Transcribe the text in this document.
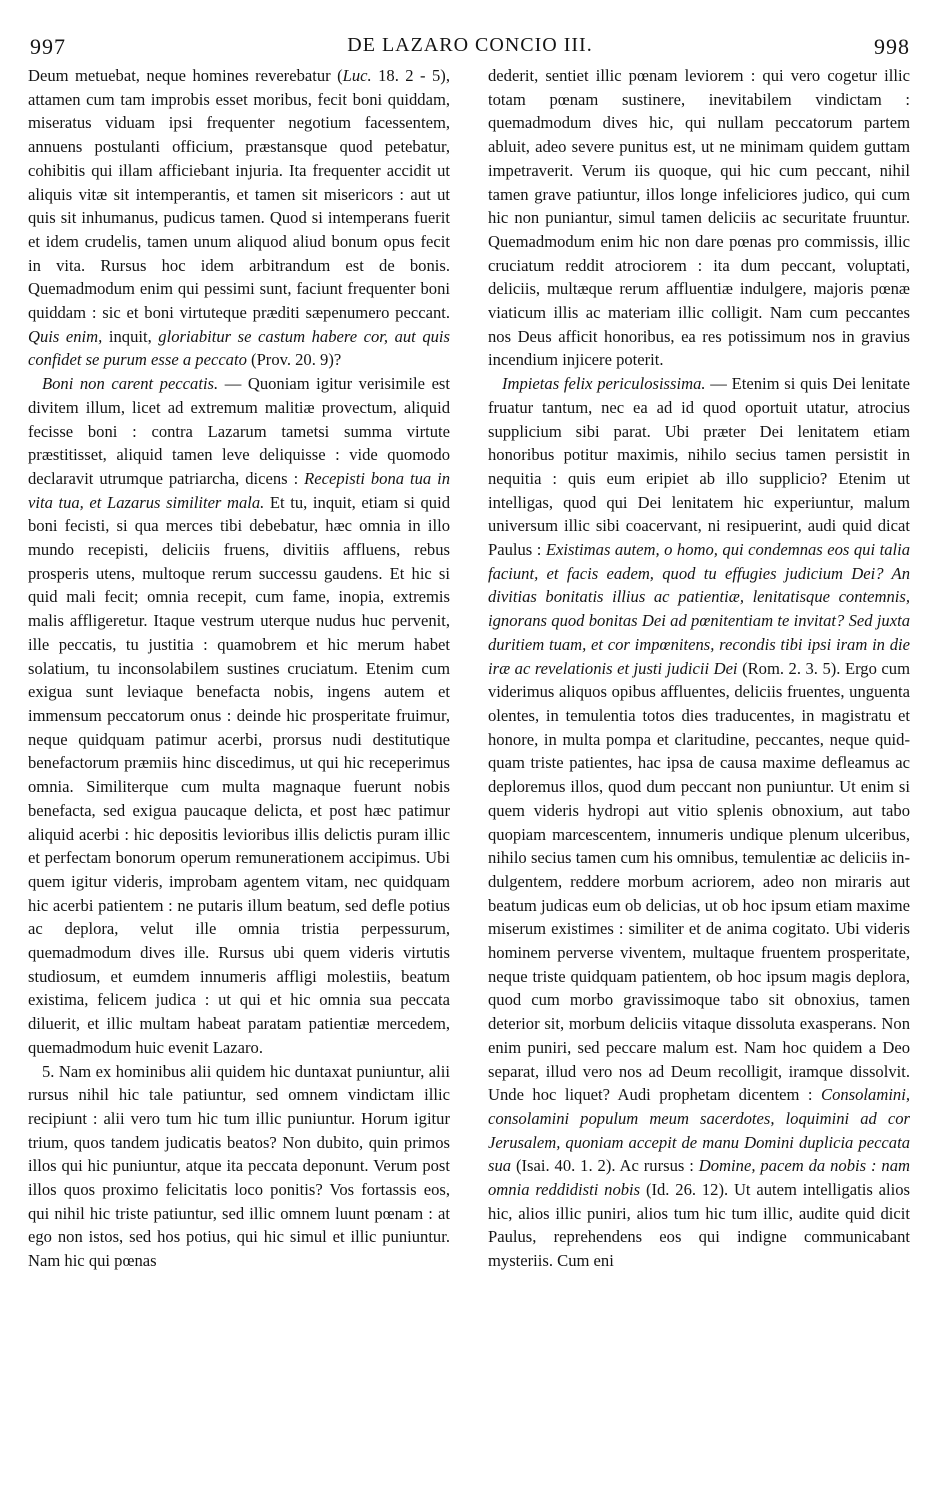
997	DE LAZARO CONCIO III.	998

Deum metuebat, neque homines reverebatur (Luc. 18. 2 - 5), attamen cum tam improbis esset moribus, fecit boni quiddam, miseratus viduam ipsi frequenter negotium facessentem, annuens postulanti officium, præstansque quod petebatur, cohibitis qui illam afficiebant injuria. Ita frequenter accidit ut aliquis vitæ sit intemperantis, et tamen sit misericors : aut ut quis sit inhumanus, pudicus tamen. Quod si intemperans fuerit et idem crudelis, tamen unum aliquod aliud bonum opus fecit in vita. Rursus hoc idem arbitrandum est de bonis. Quemadmodum enim qui pessimi sunt, faciunt frequenter boni quiddam : sic et boni virtuteque præditi sæpenumero peccant. Quis enim, inquit, gloriabitur se castum habere cor, aut quis confidet se purum esse a peccato (Prov. 20. 9)?

Boni non carent peccatis. — Quoniam igitur verisimile est divitem illum, licet ad extremum malitiæ provectum, aliquid fecisse boni : contra Lazarum tametsi summa virtute præstitisset, aliquid tamen leve deliquisse : vide quomodo declaravit utrumque patriarcha, dicens : Recepisti bona tua in vita tua, et Lazarus similiter mala. Et tu, inquit, etiam si quid boni fecisti, si qua merces tibi debebatur, hæc omnia in illo mundo recepisti, deliciis fruens, divitiis affluens, rebus prosperis utens, multoque rerum successu gaudens. Et hic si quid mali fecit; omnia recepit, cum fame, inopia, extremis malis affligeretur. Itaque vestrum uterque nudus huc pervenit, ille peccatis, tu justitia : quamobrem et hic merum habet solatium, tu inconsolabilem sustines cruciatum. Etenim cum exigua sunt leviaque benefacta nobis, ingens autem et immensum peccatorum onus : deinde hic prosperitate fruimur, neque quidquam patimur acerbi, prorsus nudi destitutique benefactorum præmiis hinc discedimus, ut qui hic receperimus omnia. Similiterque cum multa magnaque fuerunt nobis benefacta, sed exigua paucaque delicta, et post hæc patimur aliquid acerbi : hic depositis levioribus illis delictis puram illic et perfectam bonorum operum remunerationem accipimus. Ubi quem igitur videris, improbam agentem vitam, nec quidquam hic acerbi patientem : ne putaris illum beatum, sed defle potius ac deplora, velut ille omnia tristia perpessurum, quemadmodum dives ille. Rursus ubi quem videris virtutis studiosum, et eumdem innumeris affligi molestiis, beatum existima, felicem judica : ut qui et hic omnia sua peccata diluerit, et illic multam habeat paratam patientiæ mercedem, quemadmodum huic evenit Lazaro.

5. Nam ex hominibus alii quidem hic duntaxat puniuntur, alii rursus nihil hic tale patiuntur, sed omnem vindictam illic recipiunt : alii vero tum hic tum illic puniuntur. Horum igitur trium, quos tandem judicatis beatos? Non dubito, quin primos illos qui hic puniuntur, atque ita peccata deponunt. Verum post illos quos proximo felicitatis loco ponitis? Vos fortassis eos, qui nihil hic triste patiuntur, sed illic omnem luunt pœnam : at ego non istos, sed hos potius, qui hic simul et illic puniuntur. Nam hic qui pœnas

dederit, sentiet illic pœnam leviorem : qui vero cogetur illic totam pœnam sustinere, inevitabilem vindictam : quemadmodum dives hic, qui nullam peccatorum partem abluit, adeo severe punitus est, ut ne minimam quidem guttam impetraverit. Verum iis quoque, qui hic cum peccant, nihil tamen grave patiuntur, illos longe infeliciores judico, qui cum hic non puniantur, simul tamen deliciis ac securitate fruuntur. Quemadmodum enim hic non dare pœnas pro commissis, illic cruciatum reddit atrociorem : ita dum peccant, voluptati, deliciis, multæque rerum affluentiæ indulgere, majoris pœnæ viaticum illis ac materiam illic colligit. Nam cum peccantes nos Deus afficit honoribus, ea res potissimum nos in gravius incendium injicere poterit.

Impietas felix periculosissima. — Etenim si quis Dei lenitate fruatur tantum, nec ea ad id quod oportuit utatur, atrocius supplicium sibi parat. Ubi præter Dei lenitatem etiam honoribus potitur maximis, nihilo secius tamen persistit in nequitia : quis eum eripiet ab illo supplicio? Etenim ut intelligas, quod qui Dei lenitatem hic experiuntur, malum universum illic sibi coacervant, ni resipuerint, audi quid dicat Paulus : Existimas autem, o homo, qui condemnas eos qui talia faciunt, et facis eadem, quod tu effugies judicium Dei? An divitias bonitatis illius ac patientiæ, lenitatisque contemnis, ignorans quod bonitas Dei ad pœnitentiam te invitat? Sed juxta duritiem tuam, et cor impœnitens, recondis tibi ipsi iram in die iræ ac revelationis et justi judicii Dei (Rom. 2. 3. 5). Ergo cum viderimus aliquos opibus affluentes, deliciis fruentes, unguenta olentes, in temulentia totos dies traducentes, in magistratu et honore, in multa pompa et claritudine, peccantes, neque quidquam triste patientes, hac ipsa de causa maxime defleamus ac deploremus illos, quod dum peccant non puniuntur. Ut enim si quem videris hydropi aut vitio splenis obnoxium, aut tabo quopiam marcescentem, innumeris undique plenum ulceribus, nihilo secius tamen cum his omnibus, temulentiæ ac deliciis indulgentem, reddere morbum acriorem, adeo non miraris aut beatum judicas eum ob delicias, ut ob hoc ipsum etiam maxime miserum existimes : similiter et de anima cogitato. Ubi videris hominem perverse viventem, multaque fruentem prosperitate, neque triste quidquam patientem, ob hoc ipsum magis deplora, quod cum morbo gravissimoque tabo sit obnoxius, tamen deterior sit, morbum deliciis vitaque dissoluta exasperans. Non enim puniri, sed peccare malum est. Nam hoc quidem a Deo separat, illud vero nos ad Deum recolligit, iramque dissolvit. Unde hoc liquet? Audi prophetam dicentem : Consolamini, consolamini populum meum sacerdotes, loquimini ad cor Jerusalem, quoniam accepit de manu Domini duplicia peccata sua (Isai. 40. 1. 2). Ac rursus : Domine, pacem da nobis : nam omnia reddidisti nobis (Id. 26. 12). Ut autem intelligatis alios hic, alios illic puniri, alios tum hic tum illic, audite quid dicit Paulus, reprehendens eos qui indigne communicabant mysteriis. Cum eni
